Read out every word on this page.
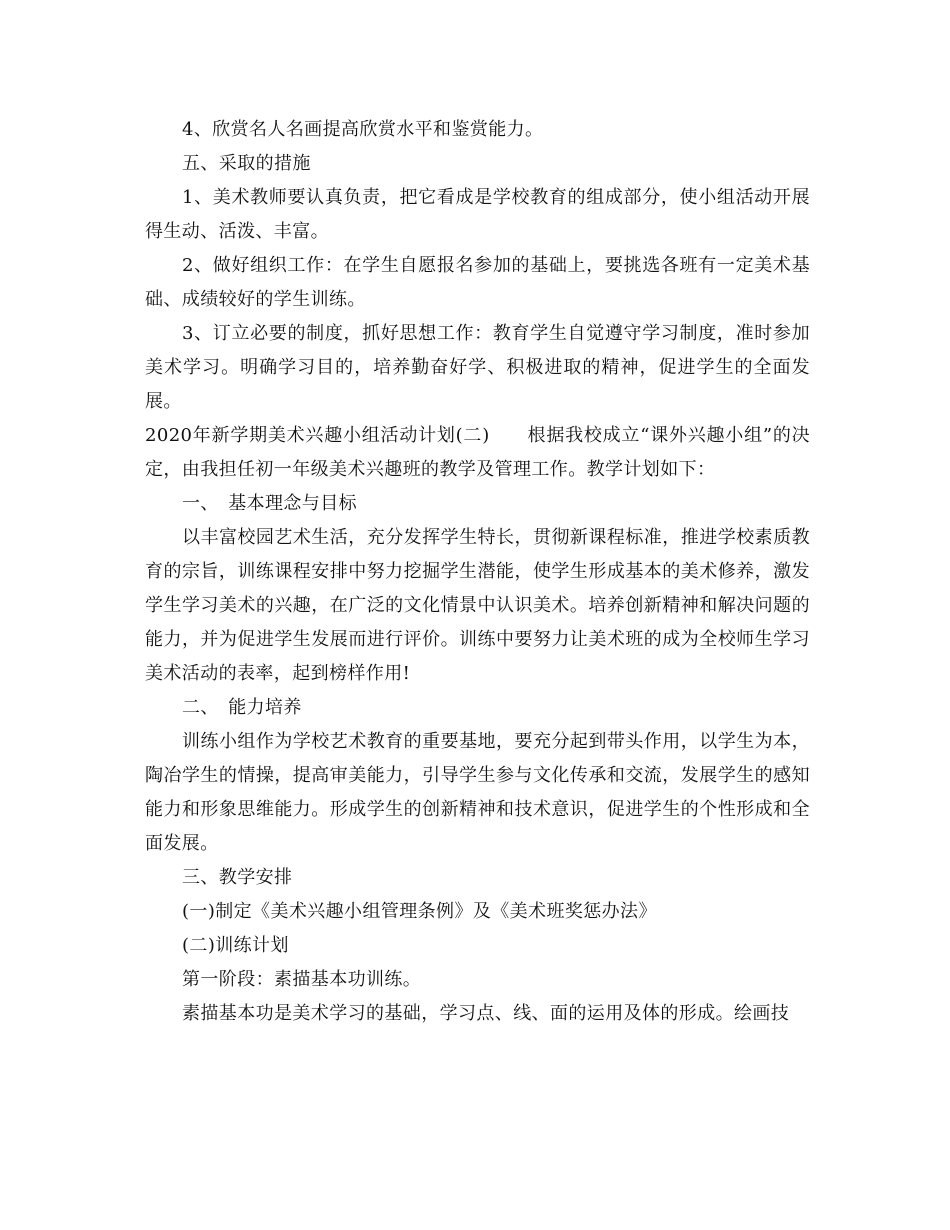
4、欣赏名人名画提高欣赏水平和鉴赏能力。

五、采取的措施

1、美术教师要认真负责，把它看成是学校教育的组成部分，使小组活动开展得生动、活泼、丰富。

2、做好组织工作：在学生自愿报名参加的基础上，要挑选各班有一定美术基础、成绩较好的学生训练。

3、订立必要的制度，抓好思想工作：教育学生自觉遵守学习制度，准时参加美术学习。明确学习目的，培养勤奋好学、积极进取的精神，促进学生的全面发展。

2020年新学期美术兴趣小组活动计划(二)　　根据我校成立“课外兴趣小组”的决定，由我担任初一年级美术兴趣班的教学及管理工作。教学计划如下：

一、　基本理念与目标

以丰富校园艺术生活，充分发挥学生特长，贯彻新课程标准，推进学校素质教育的宗旨，训练课程安排中努力挖掘学生潜能，使学生形成基本的美术修养，激发学生学习美术的兴趣，在广泛的文化情景中认识美术。培养创新精神和解决问题的能力，并为促进学生发展而进行评价。训练中要努力让美术班的成为全校师生学习美术活动的表率，起到榜样作用!

二、　能力培养

训练小组作为学校艺术教育的重要基地，要充分起到带头作用，以学生为本，陶冶学生的情操，提高审美能力，引导学生参与文化传承和交流，发展学生的感知能力和形象思维能力。形成学生的创新精神和技术意识，促进学生的个性形成和全面发展。

三、教学安排

(一)制定《美术兴趣小组管理条例》及《美术班奖惩办法》

(二)训练计划

第一阶段：素描基本功训练。

素描基本功是美术学习的基础，学习点、线、面的运用及体的形成。绘画技
